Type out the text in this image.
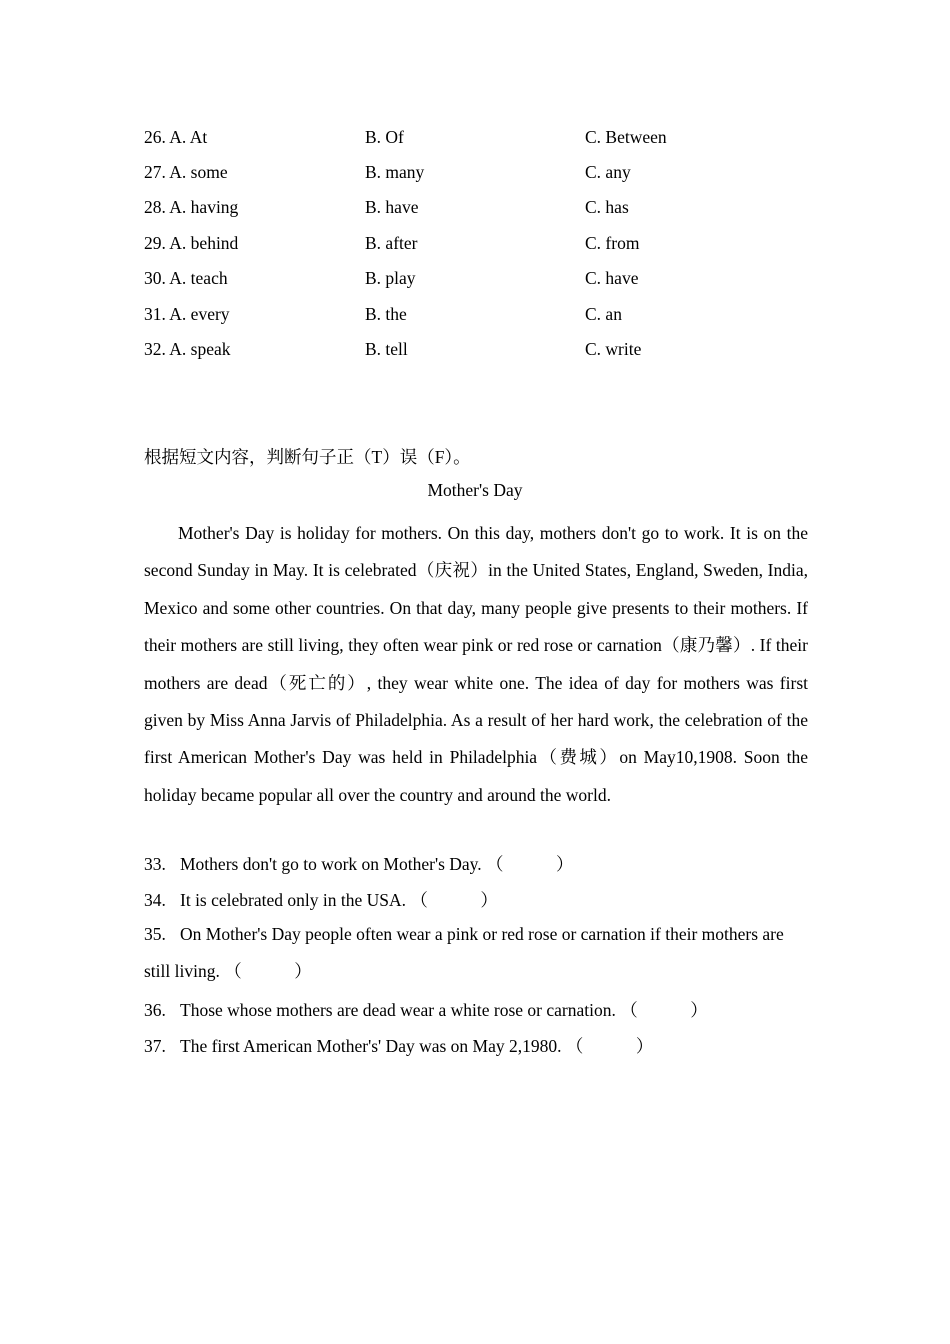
26. A. At	B. Of	C. Between
27. A. some	B. many	C. any
28. A. having	B. have	C. has
29. A. behind	B. after	C. from
30. A. teach	B. play	C. have
31. A. every	B. the	C. an
32. A. speak	B. tell	C. write
根据短文内容，判断句子正（T）误（F）。
Mother's Day
Mother's Day is holiday for mothers. On this day, mothers don't go to work. It is on the second Sunday in May. It is celebrated（庆祝）in the United States, England, Sweden, India, Mexico and some other countries. On that day, many people give presents to their mothers. If their mothers are still living, they often wear pink or red rose or carnation（康乃馨）. If their mothers are dead（死亡的）, they wear white one. The idea of day for mothers was first given by Miss Anna Jarvis of Philadelphia. As a result of her hard work, the celebration of the first American Mother's Day was held in Philadelphia（费城）on May10,1908. Soon the holiday became popular all over the country and around the world.
33. Mothers don't go to work on Mother's Day. （　　　）
34. It is celebrated only in the USA. （　　　）
35. On Mother's Day people often wear a pink or red rose or carnation if their mothers are still living. （　　　）
36. Those whose mothers are dead wear a white rose or carnation. （　　　）
37. The first American Mother's' Day was on May 2,1980. （　　　）
